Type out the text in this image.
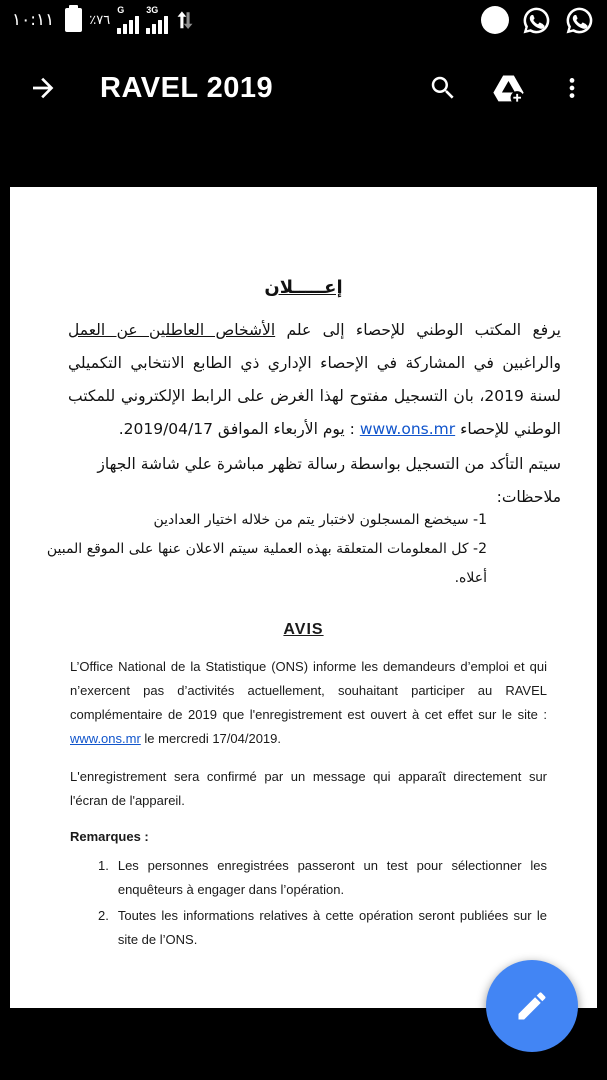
١٠:١١	٪٧٦
G 3G
RAVEL 2019
إعـــــلان

يرفع المكتب الوطني للإحصاء إلى علم الأشخاص العاطلين عن العمل والراغبين في المشاركة في الإحصاء الإداري ذي الطابع الانتخابي التكميلي لسنة 2019، بان التسجيل مفتوح لهذا الغرض على الرابط الإلكتروني للمكتب الوطني للإحصاء www.ons.mr : يوم الأربعاء الموافق 2019/04/17.

سيتم التأكد من التسجيل بواسطة رسالة تظهر مباشرة علي شاشة الجهاز

ملاحظات:

1- سيخضع المسجلون لاختبار يتم من خلاله اختيار العدادين

2- كل المعلومات المتعلقة بهذه العملية سيتم الاعلان عنها على الموقع المبين أعلاه.

AVIS

L’Office National de la Statistique (ONS) informe les demandeurs d’emploi et qui n’exercent pas d’activités actuellement, souhaitant participer au RAVEL complémentaire de 2019 que l'enregistrement est ouvert à cet effet sur le site : www.ons.mr le mercredi 17/04/2019.

L'enregistrement sera confirmé par un message qui apparaît directement sur l'écran de l'appareil.

Remarques :

1. Les personnes enregistrées passeront un test pour sélectionner les enquêteurs à engager dans l’opération.
2. Toutes les informations relatives à cette opération seront publiées sur le site de l’ONS.
